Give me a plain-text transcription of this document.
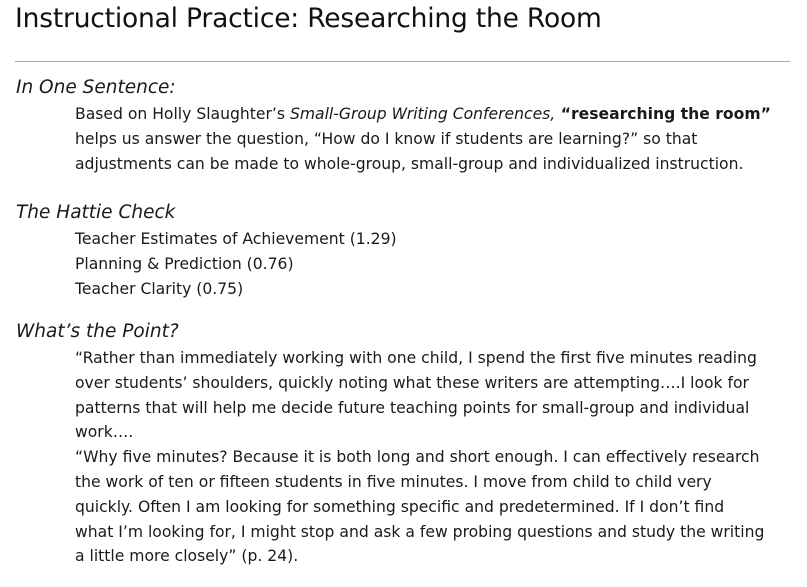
Instructional Practice: Researching the Room
In One Sentence:
Based on Holly Slaughter’s Small-Group Writing Conferences, “researching the room”
helps us answer the question, “How do I know if students are learning?” so that
adjustments can be made to whole-group, small-group and individualized instruction.
The Hattie Check
Teacher Estimates of Achievement (1.29)
Planning & Prediction (0.76)
Teacher Clarity (0.75)
What’s the Point?
“Rather than immediately working with one child, I spend the first five minutes reading
over students’ shoulders, quickly noting what these writers are attempting….I look for
patterns that will help me decide future teaching points for small-group and individual
work….
“Why five minutes? Because it is both long and short enough. I can effectively research
the work of ten or fifteen students in five minutes. I move from child to child very
quickly. Often I am looking for something specific and predetermined. If I don’t find
what I’m looking for, I might stop and ask a few probing questions and study the writing
a little more closely” (p. 24).
